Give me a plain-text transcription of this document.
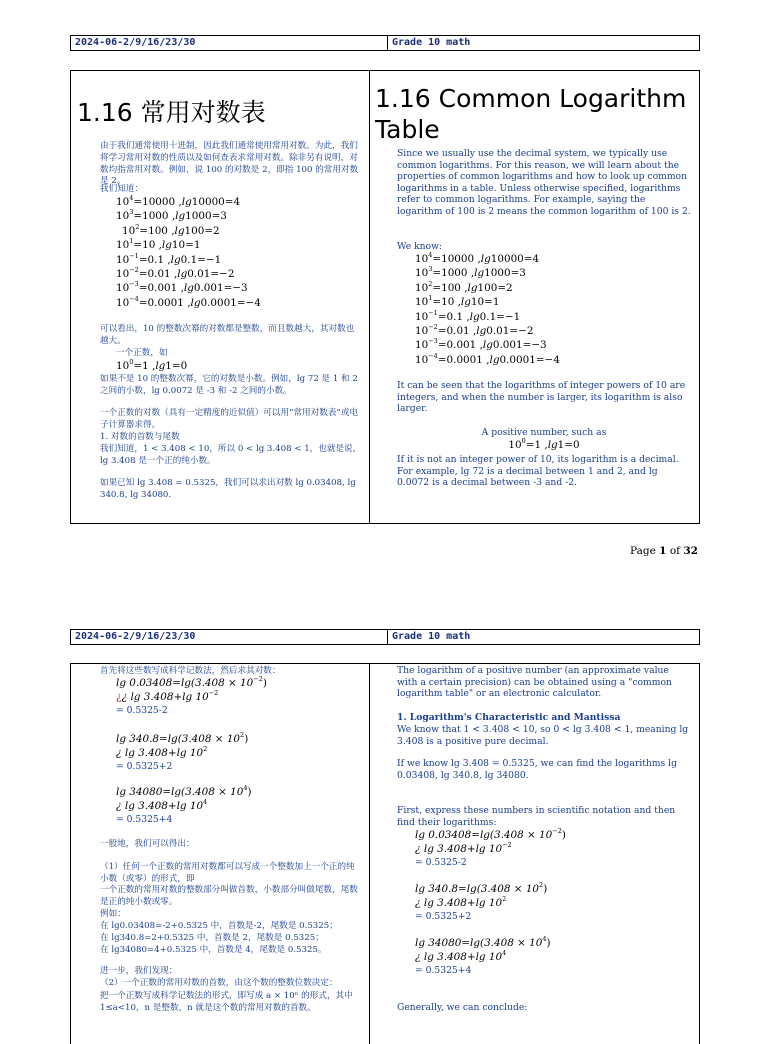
2024-06-2/9/16/23/30	Grade 10 math
1.16 常用对数表
由于我们通常使用十进制，因此我们通常使用常用对数。为此，我们将学习常用对数的性质以及如何查表求常用对数。除非另有说明，对数均指常用对数。例如，说 100 的对数是 2，即指 100 的常用对数是 2。
我们知道：
$10^4=10000$ ,lg10000=4
$10^3=1000$ ,lg1000=3
$10^2=100$ ,lg100=2
$10^1=10$ ,lg10=1
$10^{-1}=0.1$ ,lg0.1=−1
$10^{-2}=0.01$ ,lg0.01=−2
$10^{-3}=0.001$ ,lg0.001=−3
$10^{-4}=0.0001$ ,lg0.0001=−4
可以看出，10 的整数次幂的对数都是整数，而且数越大，其对数也越大。
一个正数，如
$10^0=1$ ,lg1=0
如果不是 10 的整数次幂，它的对数是小数。例如，lg 72 是 1 和 2 之间的小数，lg 0.0072 是 -3 和 -2 之间的小数。
一个正数的对数（具有一定精度的近似值）可以用“常用对数表”或电子计算器求得。
1. 对数的首数与尾数
我们知道，1 < 3.408 < 10，所以 0 < lg 3.408 < 1，也就是说，lg 3.408 是一个正的纯小数。
如果已知 lg 3.408 = 0.5325，我们可以求出对数 lg 0.03408, lg 340.8, lg 34080.
1.16 Common Logarithm Table
Since we usually use the decimal system, we typically use common logarithms. For this reason, we will learn about the properties of common logarithms and how to look up common logarithms in a table. Unless otherwise specified, logarithms refer to common logarithms. For example, saying the logarithm of 100 is 2 means the common logarithm of 100 is 2.
We know:
$10^4=10000$ ,lg10000=4
$10^3=1000$ ,lg1000=3
$10^2=100$ ,lg100=2
$10^1=10$ ,lg10=1
$10^{-1}=0.1$ ,lg0.1=−1
$10^{-2}=0.01$ ,lg0.01=−2
$10^{-3}=0.001$ ,lg0.001=−3
$10^{-4}=0.0001$ ,lg0.0001=−4
It can be seen that the logarithms of integer powers of 10 are integers, and when the number is larger, its logarithm is also larger.
A positive number, such as
$10^0=1$ ,lg1=0
If it is not an integer power of 10, its logarithm is a decimal. For example, lg 72 is a decimal between 1 and 2, and lg 0.0072 is a decimal between -3 and -2.
Page 1 of 32
2024-06-2/9/16/23/30	Grade 10 math
首先将这些数写成科学记数法，然后求其对数：
$\lg 0.03408=\lg(3.408 \times 10^{-2})$
¿¿ lg 3.408+lg $10^{-2}$
= 0.5325-2
$\lg 340.8=\lg(3.408 \times 10^2)$
¿ lg 3.408+lg $10^2$
= 0.5325+2
$\lg 34080=\lg(3.408 \times 10^4)$
¿ lg 3.408+lg $10^4$
= 0.5325+4
一般地，我们可以得出：
（1）任何一个正数的常用对数都可以写成一个整数加上一个正的纯小数（或零）的形式，即
一个正数的常用对数的整数部分叫做首数，小数部分叫做尾数，尾数是正的纯小数或零。
例如：
在 lg0.03408=-2+0.5325 中，首数是-2，尾数是 0.5325；
在 lg340.8=2+0.5325 中，首数是 2，尾数是 0.5325；
在 lg34080=4+0.5325 中，首数是 4，尾数是 0.5325。
进一步，我们发现：
（2）一个正数的常用对数的首数，由这个数的整数位数决定：
把一个正数写成科学记数法的形式，即写成 a × 10ⁿ 的形式，其中
1≤a<10，n 是整数，n 就是这个数的常用对数的首数。
The logarithm of a positive number (an approximate value with a certain precision) can be obtained using a "common logarithm table" or an electronic calculator.
1. Logarithm's Characteristic and Mantissa
We know that 1 < 3.408 < 10, so 0 < lg 3.408 < 1, meaning lg 3.408 is a positive pure decimal.
If we know lg 3.408 = 0.5325, we can find the logarithms lg 0.03408, lg 340.8, lg 34080.
First, express these numbers in scientific notation and then find their logarithms:
$\lg 0.03408=\lg(3.408 \times 10^{-2})$
¿ lg 3.408+lg $10^{-2}$
= 0.5325-2
$\lg 340.8=\lg(3.408 \times 10^2)$
¿ lg 3.408+lg $10^2$
= 0.5325+2
$\lg 34080=\lg(3.408 \times 10^4)$
¿ lg 3.408+lg $10^4$
= 0.5325+4
Generally, we can conclude:
